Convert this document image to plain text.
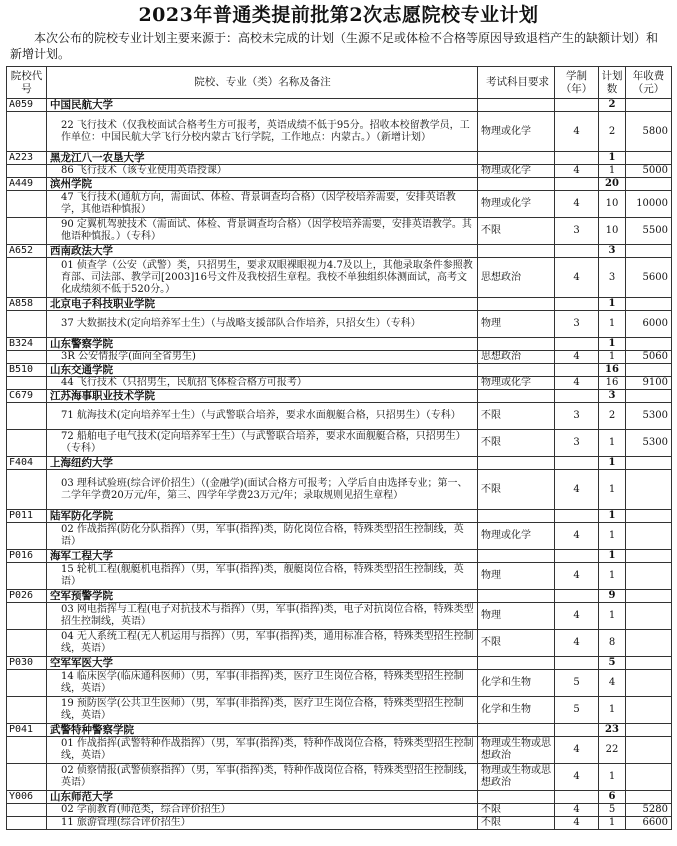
2023年普通类提前批第2次志愿院校专业计划
本次公布的院校专业计划主要来源于：高校未完成的计划（生源不足或体检不合格等原因导致退档产生的缺额计划）和新增计划。
院校代号	院校、专业（类）名称及备注	考试科目要求	学制（年）	计划数	年收费（元）
A059	中国民航大学			2	
	22 飞行技术（仅我校面试合格考生方可报考，英语成绩不低于95分。招收本校留教学员，工作单位：中国民航大学飞行分校内蒙古飞行学院，工作地点：内蒙古。）（新增计划）	物理或化学	4	2	5800
A223	黑龙江八一农垦大学			1	
	86 飞行技术（该专业使用英语授课）	物理或化学	4	1	5000
A449	滨州学院			20	
	47 飞行技术(通航方向，需面试、体检、背景调查均合格）（因学校培养需要，安排英语教学，其他语种慎报）	物理或化学	4	10	10000
	90 定翼机驾驶技术（需面试、体检、背景调查均合格）（因学校培养需要，安排英语教学。其他语种慎报。）（专科）	不限	3	10	5500
A652	西南政法大学			3	
	01 侦查学（公安（武警）类，只招男生，要求双眼裸眼视力4.7及以上，其他录取条件参照教育部、司法部、教学司[2003]16号文件及我校招生章程。我校不单独组织体测面试，高考文化成绩须不低于520分。）	思想政治	4	3	5600
A858	北京电子科技职业学院			1	
	37 大数据技术(定向培养军士生）（与战略支援部队合作培养，只招女生）（专科）	物理	3	1	6000
B324	山东警察学院			1	
	3R 公安情报学(面向全省男生)	思想政治	4	1	5060
B510	山东交通学院			16	
	44 飞行技术（只招男生，民航招飞体检合格方可报考）	物理或化学	4	16	9100
C679	江苏海事职业技术学院			3	
	71 航海技术(定向培养军士生）（与武警联合培养，要求水面舰艇合格，只招男生）（专科）	不限	3	2	5300
	72 船舶电子电气技术(定向培养军士生）（与武警联合培养，要求水面舰艇合格，只招男生）（专科）	不限	3	1	5300
F404	上海纽约大学			1	
	03 理科试验班(综合评价招生）（(金融学)(面试合格方可报考；入学后自由选择专业；第一、二学年学费20万元/年，第三、四学年学费23万元/年；录取规则见招生章程）	不限	4	1	
P011	陆军防化学院			1	
	02 作战指挥(防化分队指挥）（男，军事(指挥)类，防化岗位合格，特殊类型招生控制线，英语）	物理或化学	4	1	
P016	海军工程大学			1	
	15 轮机工程(舰艇机电指挥）（男，军事(指挥)类，舰艇岗位合格，特殊类型招生控制线，英语）	物理	4	1	
P026	空军预警学院			9	
	03 网电指挥与工程(电子对抗技术与指挥）（男，军事(指挥)类，电子对抗岗位合格，特殊类型招生控制线，英语）	物理	4	1	
	04 无人系统工程(无人机运用与指挥）（男，军事(指挥)类，通用标准合格，特殊类型招生控制线，英语）	不限	4	8	
P030	空军军医大学			5	
	14 临床医学(临床通科医师）（男，军事(非指挥)类，医疗卫生岗位合格，特殊类型招生控制线，英语）	化学和生物	5	4	
	19 预防医学(公共卫生医师）（男，军事(非指挥)类，医疗卫生岗位合格，特殊类型招生控制线，英语）	化学和生物	5	1	
P041	武警特种警察学院			23	
	01 作战指挥(武警特种作战指挥）（男，军事(指挥)类，特种作战岗位合格，特殊类型招生控制线，英语）	物理或生物或思想政治	4	22	
	02 侦察情报(武警侦察指挥）（男，军事(指挥)类，特种作战岗位合格，特殊类型招生控制线，英语）	物理或生物或思想政治	4	1	
Y006	山东师范大学			6	
	02 学前教育(师范类，综合评价招生）	不限	4	5	5280
	11 旅游管理(综合评价招生）	不限	4	1	6600
